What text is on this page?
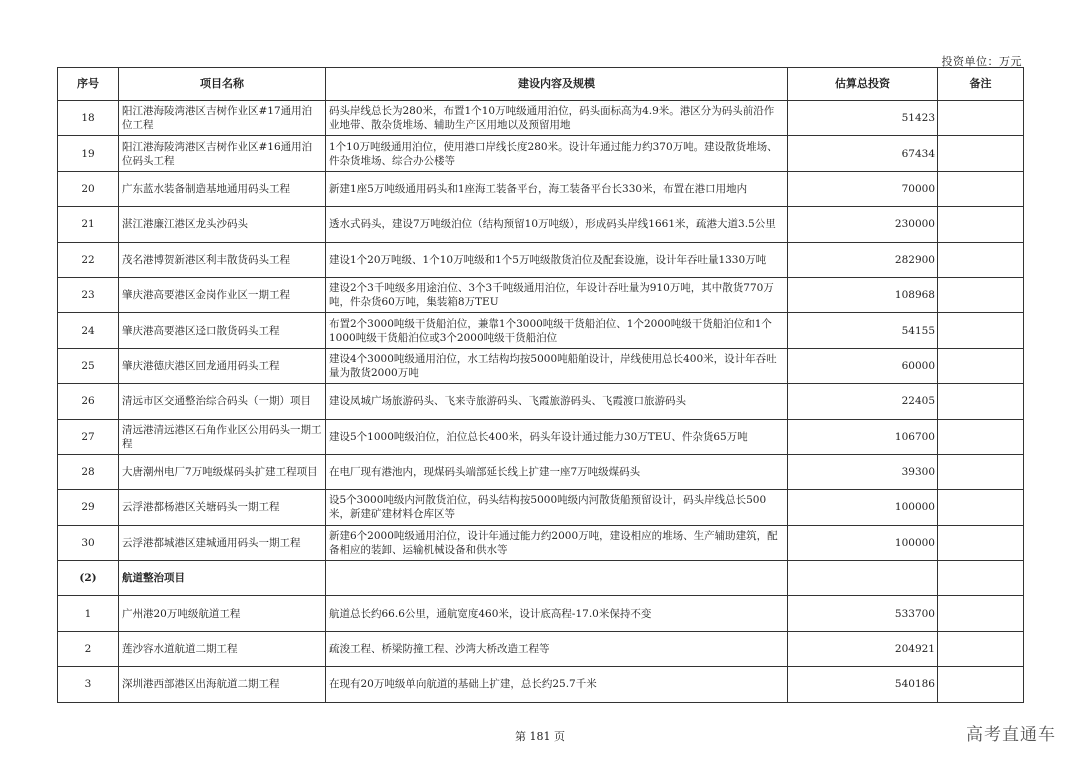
投资单位：万元
序号	项目名称	建设内容及规模	估算总投资	备注
18	阳江港海陵湾港区吉树作业区#17通用泊位工程	码头岸线总长为280米，布置1个10万吨级通用泊位，码头面标高为4.9米。港区分为码头前沿作业地带、散杂货堆场、辅助生产区用地以及预留用地	51423	
19	阳江港海陵湾港区吉树作业区#16通用泊位码头工程	1个10万吨级通用泊位，使用港口岸线长度280米。设计年通过能力约370万吨。建设散货堆场、件杂货堆场、综合办公楼等	67434	
20	广东蓝水装备制造基地通用码头工程	新建1座5万吨级通用码头和1座海工装备平台，海工装备平台长330米，布置在港口用地内	70000	
21	湛江港廉江港区龙头沙码头	透水式码头，建设7万吨级泊位（结构预留10万吨级），形成码头岸线1661米，疏港大道3.5公里	230000	
22	茂名港博贺新港区利丰散货码头工程	建设1个20万吨级、1个10万吨级和1个5万吨级散货泊位及配套设施，设计年吞吐量1330万吨	282900	
23	肇庆港高要港区金岗作业区一期工程	建设2个3千吨级多用途泊位、3个3千吨级通用泊位，年设计吞吐量为910万吨，其中散货770万吨，件杂货60万吨，集装箱8万TEU	108968	
24	肇庆港高要港区迳口散货码头工程	布置2个3000吨级干货船泊位，兼靠1个3000吨级干货船泊位、1个2000吨级干货船泊位和1个1000吨级干货船泊位或3个2000吨级干货船泊位	54155	
25	肇庆港德庆港区回龙通用码头工程	建设4个3000吨级通用泊位，水工结构均按5000吨船舶设计，岸线使用总长400米，设计年吞吐量为散货2000万吨	60000	
26	清远市区交通整治综合码头（一期）项目	建设凤城广场旅游码头、飞来寺旅游码头、飞霞旅游码头、飞霞渡口旅游码头	22405	
27	清远港清远港区石角作业区公用码头一期工程	建设5个1000吨级泊位，泊位总长400米，码头年设计通过能力30万TEU、件杂货65万吨	106700	
28	大唐潮州电厂7万吨级煤码头扩建工程项目	在电厂现有港池内，现煤码头端部延长线上扩建一座7万吨级煤码头	39300	
29	云浮港都杨港区关塘码头一期工程	设5个3000吨级内河散货泊位，码头结构按5000吨级内河散货船预留设计，码头岸线总长500米，新建矿建材料仓库区等	100000	
30	云浮港都城港区建城通用码头一期工程	新建6个2000吨级通用泊位，设计年通过能力约2000万吨，建设相应的堆场、生产辅助建筑，配备相应的装卸、运输机械设备和供水等	100000	
(2)	航道整治项目			
1	广州港20万吨级航道工程	航道总长约66.6公里，通航宽度460米，设计底高程-17.0米保持不变	533700	
2	莲沙容水道航道二期工程	疏浚工程、桥梁防撞工程、沙湾大桥改造工程等	204921	
3	深圳港西部港区出海航道二期工程	在现有20万吨级单向航道的基础上扩建，总长约25.7千米	540186	
第 181 页	高考直通车
